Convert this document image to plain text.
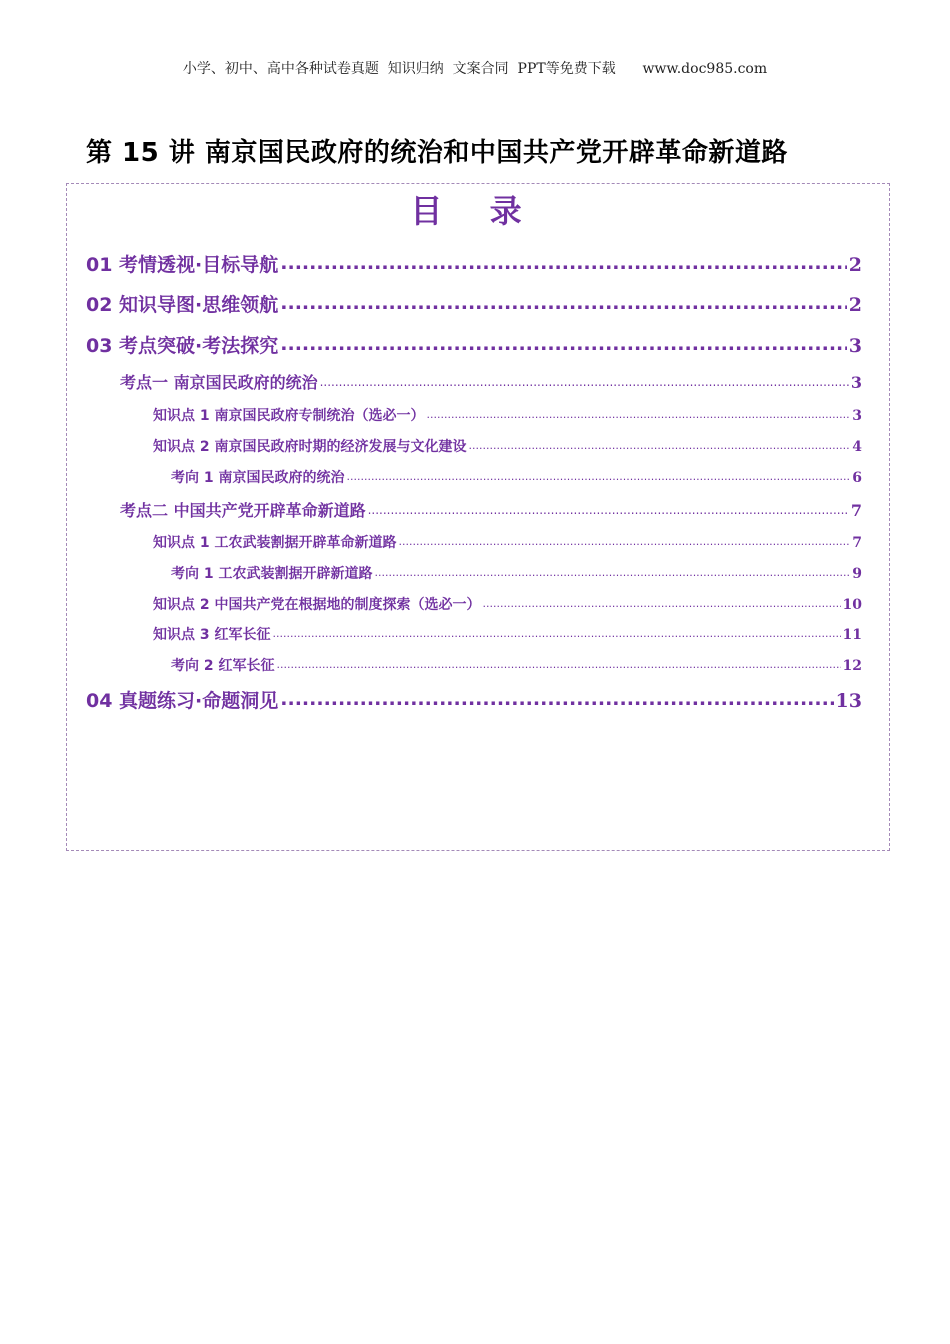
小学、初中、高中各种试卷真题  知识归纳  文案合同  PPT等免费下载      www.doc985.com
第 15 讲 南京国民政府的统治和中国共产党开辟革命新道路
目 录
01 考情透视·目标导航 .....	2
02 知识导图·思维领航 .....	2
03 考点突破·考法探究 .....	3
考点一 南京国民政府的统治 .....	3
知识点 1 南京国民政府专制统治（选必一） .....	3
知识点 2 南京国民政府时期的经济发展与文化建设 .....	4
考向 1 南京国民政府的统治 .....	6
考点二 中国共产党开辟革命新道路 .....	7
知识点 1 工农武装割据开辟革命新道路 .....	7
考向 1 工农武装割据开辟新道路 .....	9
知识点 2 中国共产党在根据地的制度探索（选必一） .....	10
知识点 3 红军长征 .....	11
考向 2 红军长征 .....	12
04 真题练习·命题洞见 .....	13
